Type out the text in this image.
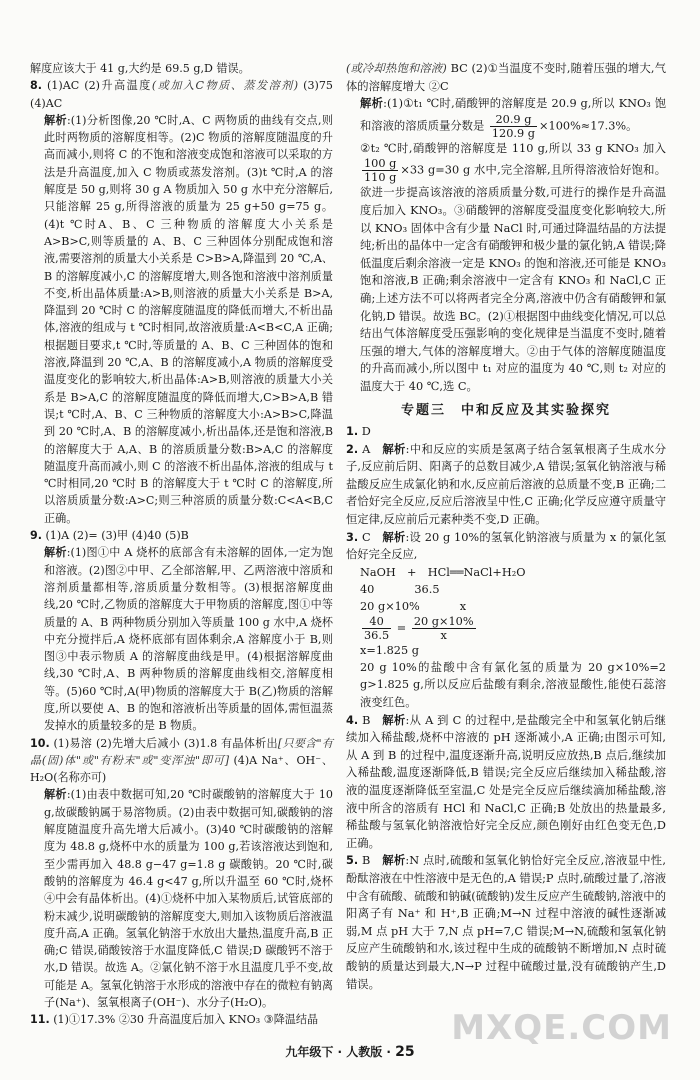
解度应该大于 41 g,大约是 69.5 g,D 错误。

8. (1)AC (2)升高温度(或加入C物质、蒸发溶剂) (3)75 (4)AC

解析:(1)分析图像,20 ℃时,A、C 两物质的曲线有交点,则此时两物质的溶解度相等。(2)C 物质的溶解度随温度的升高而减小,则将 C 的不饱和溶液变成饱和溶液可以采取的方法是升高温度,加入 C 物质或蒸发溶剂。(3)t ℃时,A 的溶解度是 50 g,则将 30 g A 物质加入 50 g 水中充分溶解后,只能溶解 25 g,所得溶液的质量为 25 g+50 g=75 g。(4)t ℃时A、B、C 三种物质的溶解度大小关系是 A>B>C,则等质量的 A、B、C 三种固体分别配成饱和溶液,需要溶剂的质量大小关系是 C>B>A,降温到 20 ℃,A、B 的溶解度减小,C 的溶解度增大,则各饱和溶液中溶剂质量不变,析出晶体质量:A>B,则溶液的质量大小关系是 B>A,降温到 20 ℃时 C 的溶解度随温度的降低而增大,不析出晶体,溶液的组成与 t ℃时相同,故溶液质量:A<B<C,A 正确;根据题目要求,t ℃时,等质量的 A、B、C 三种固体的饱和溶液,降温到 20 ℃,A、B 的溶解度减小,A 物质的溶解度受温度变化的影响较大,析出晶体:A>B,则溶液的质量大小关系是 B>A,C 的溶解度随温度的降低而增大,C>B>A,B 错误;t ℃时,A、B、C 三种物质的溶解度大小:A>B>C,降温到 20 ℃时,A、B 的溶解度减小,析出晶体,还是饱和溶液,B 的溶解度大于 A,A、B 的溶质质量分数:B>A,C 的溶解度随温度升高而减小,则 C 的溶液不析出晶体,溶液的组成与 t ℃时相同,20 ℃时 B 的溶解度大于 t ℃时 C 的溶解度,所以溶质质量分数:A>C;则三种溶质的质量分数:C<A<B,C 正确。

9. (1)A (2)= (3)甲 (4)40 (5)B

解析:(1)图①中 A 烧杯的底部含有未溶解的固体,一定为饱和溶液。(2)图②中甲、乙全部溶解,甲、乙两溶液中溶质和溶剂质量都相等,溶质质量分数相等。(3)根据溶解度曲线,20 ℃时,乙物质的溶解度大于甲物质的溶解度,图①中等质量的 A、B 两种物质分别加入等质量 100 g 水中,A 烧杯中充分搅拌后,A 烧杯底部有固体剩余,A 溶解度小于 B,则图③中表示物质 A 的溶解度曲线是甲。(4)根据溶解度曲线,30 ℃时,A、B 两种物质的溶解度曲线相交,溶解度相等。(5)60 ℃时,A(甲)物质的溶解度大于 B(乙)物质的溶解度,所以要使 A、B 的饱和溶液析出等质量的固体,需恒温蒸发掉水的质量较多的是 B 物质。

10. (1)易溶 (2)先增大后减小 (3)1.8 有晶体析出[只要含"有晶(固)体"或"有粉末"或"变浑浊"即可] (4)A Na⁺、OH⁻、H₂O(名称亦可)

解析:(1)由表中数据可知,20 ℃时碳酸钠的溶解度大于 10 g,故碳酸钠属于易溶物质。(2)由表中数据可知,碳酸钠的溶解度随温度升高先增大后减小。(3)40 ℃时碳酸钠的溶解度为 48.8 g,烧杯中水的质量为 100 g,若该溶液达到饱和,至少需再加入 48.8 g−47 g=1.8 g 碳酸钠。20 ℃时,碳酸钠的溶解度为 46.4 g<47 g,所以升温至 60 ℃时,烧杯④中会有晶体析出。(4)①烧杯中加入某物质后,试管底部的粉末减少,说明碳酸钠的溶解度变大,则加入该物质后溶液温度升高,A 正确。氢氧化钠溶于水放出大量热,温度升高,B 正确;C 错误,硝酸铵溶于水温度降低,C 错误;D 碳酸钙不溶于水,D 错误。故选 A。②氯化钠不溶于水且温度几乎不变,故可能是 A。氢氧化钠溶于水形成的溶液中存在的微粒有钠离子(Na⁺)、氢氧根离子(OH⁻)、水分子(H₂O)。

11. (1)①17.3% ②30 升高温度后加入 KNO₃ ③降温结晶

(或冷却热饱和溶液) BC (2)①当温度不变时,随着压强的增大,气体的溶解度增大 ②C

解析:(1)①t₁ ℃时,硝酸钾的溶解度是 20.9 g,所以 KNO₃ 饱和溶液的溶质质量分数是 $\frac{20.9 g}{120.9 g} \times 100\%\approx 17.3\%$。

②t₂ ℃时,硝酸钾的溶解度是 110 g,所以 33 g KNO₃ 加入
$\frac{100 g}{110 g} \times 33$ g=30 g 水中,完全溶解,且所得溶液恰好饱和。欲进一步提高该溶液的溶质质量分数,可进行的操作是升高温度后加入 KNO₃。③硝酸钾的溶解度受温度变化影响较大,所以 KNO₃ 固体中含有少量 NaCl 时,可通过降温结晶的方法提纯;析出的晶体中一定含有硝酸钾和极少量的氯化钠,A 错误;降低温度后剩余溶液一定是 KNO₃ 的饱和溶液,还可能是 KNO₃ 饱和溶液,B 正确;剩余溶液中一定含有 KNO₃ 和 NaCl,C 正确;上述方法不可以将两者完全分离,溶液中仍含有硝酸钾和氯化钠,D 错误。故选 BC。(2)①根据图中曲线变化情况,可以总结出气体溶解度受压强影响的变化规律是当温度不变时,随着压强的增大,气体的溶解度增大。②由于气体的溶解度随温度的升高而减小,所以图中 t₁ 对应的温度为 40 ℃,则 t₂ 对应的温度大于 40 ℃,选 C。

专题三　中和反应及其实验探究

1. D

2. A　 解析:中和反应的实质是氢离子结合氢氧根离子生成水分子,反应前后阴、阳离子的总数目减少,A 错误;氢氧化钠溶液与稀盐酸反应生成氯化钠和水,反应前后溶液的总质量不变,B 正确;二者恰好完全反应,反应后溶液呈中性,C 正确;化学反应遵守质量守恒定律,反应前后元素种类不变,D 正确。

3. C　 解析:设 20 g 10%的氢氧化钠溶液与质量为 x 的氯化氢恰好完全反应,

NaOH　+　HCl══NaCl+H₂O
40	36.5
20 g×10%	x
$\frac{40}{36.5} = \frac{20 g\times 10\%}{x}$
x=1.825 g

20 g 10%的盐酸中含有氯化氢的质量为 20 g×10%=2 g>1.825 g,所以反应后盐酸有剩余,溶液显酸性,能使石蕊溶液变红色。

4. B　 解析:从 A 到 C 的过程中,是盐酸完全中和氢氧化钠后继续加入稀盐酸,烧杯中溶液的 pH 逐渐减小,A 正确;由图示可知,从 A 到 B 的过程中,温度逐渐升高,说明反应放热,B 点后,继续加入稀盐酸,温度逐渐降低,B 错误;完全反应后继续加入稀盐酸,溶液的温度逐渐降低至室温,C 处是完全反应后继续滴加稀盐酸,溶液中所含的溶质有 HCl 和 NaCl,C 正确;B 处放出的热量最多,稀盐酸与氢氧化钠溶液恰好完全反应,颜色刚好由红色变无色,D 正确。

5. B　 解析:N 点时,硫酸和氢氧化钠恰好完全反应,溶液显中性,酚酞溶液在中性溶液中是无色的,A 错误;P 点时,硫酸过量了,溶液中含有硫酸、硫酸和钠碱(硫酸钠)发生反应产生硫酸钠,溶液中的阳离子有 Na⁺ 和 H⁺,B 正确;M→N 过程中溶液的碱性逐渐减弱,M 点 pH 大于 7,N 点 pH=7,C 错误;M→N,硫酸和氢氧化钠反应产生硫酸钠和水,该过程中生成的硫酸钠不断增加,N 点时硫酸钠的质量达到最大,N→P 过程中硫酸过量,没有硫酸钠产生,D 错误。

MXQE.COM
九年级下 · 人教版 · 25
